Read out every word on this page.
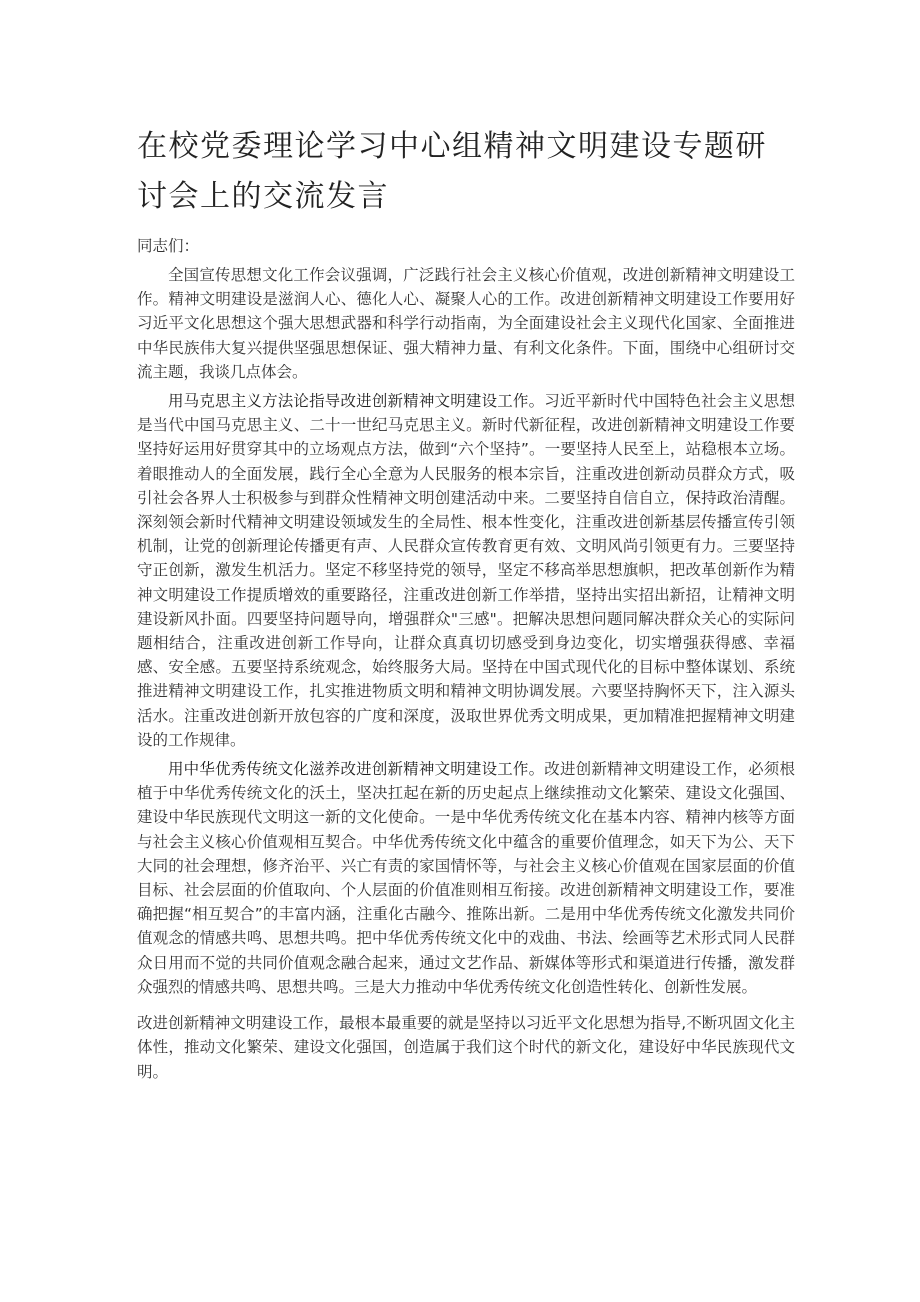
在校党委理论学习中心组精神文明建设专题研讨会上的交流发言

同志们：

全国宣传思想文化工作会议强调，广泛践行社会主义核心价值观，改进创新精神文明建设工作。精神文明建设是滋润人心、德化人心、凝聚人心的工作。改进创新精神文明建设工作要用好习近平文化思想这个强大思想武器和科学行动指南，为全面建设社会主义现代化国家、全面推进中华民族伟大复兴提供坚强思想保证、强大精神力量、有利文化条件。下面，围绕中心组研讨交流主题，我谈几点体会。

用马克思主义方法论指导改进创新精神文明建设工作。习近平新时代中国特色社会主义思想是当代中国马克思主义、二十一世纪马克思主义。新时代新征程，改进创新精神文明建设工作要坚持好运用好贯穿其中的立场观点方法，做到“六个坚持”。一要坚持人民至上，站稳根本立场。着眼推动人的全面发展，践行全心全意为人民服务的根本宗旨，注重改进创新动员群众方式，吸引社会各界人士积极参与到群众性精神文明创建活动中来。二要坚持自信自立，保持政治清醒。深刻领会新时代精神文明建设领域发生的全局性、根本性变化，注重改进创新基层传播宣传引领机制，让党的创新理论传播更有声、人民群众宣传教育更有效、文明风尚引领更有力。三要坚持守正创新，激发生机活力。坚定不移坚持党的领导，坚定不移高举思想旗帜，把改革创新作为精神文明建设工作提质增效的重要路径，注重改进创新工作举措，坚持出实招出新招，让精神文明建设新风扑面。四要坚持问题导向，增强群众"三感"。把解决思想问题同解决群众关心的实际问题相结合，注重改进创新工作导向，让群众真真切切感受到身边变化，切实增强获得感、幸福感、安全感。五要坚持系统观念，始终服务大局。坚持在中国式现代化的目标中整体谋划、系统推进精神文明建设工作，扎实推进物质文明和精神文明协调发展。六要坚持胸怀天下，注入源头活水。注重改进创新开放包容的广度和深度，汲取世界优秀文明成果，更加精准把握精神文明建设的工作规律。

用中华优秀传统文化滋养改进创新精神文明建设工作。改进创新精神文明建设工作，必须根植于中华优秀传统文化的沃土，坚决扛起在新的历史起点上继续推动文化繁荣、建设文化强国、建设中华民族现代文明这一新的文化使命。一是中华优秀传统文化在基本内容、精神内核等方面与社会主义核心价值观相互契合。中华优秀传统文化中蕴含的重要价值理念，如天下为公、天下大同的社会理想，修齐治平、兴亡有责的家国情怀等，与社会主义核心价值观在国家层面的价值目标、社会层面的价值取向、个人层面的价值准则相互衔接。改进创新精神文明建设工作，要准确把握“相互契合”的丰富内涵，注重化古融今、推陈出新。二是用中华优秀传统文化激发共同价值观念的情感共鸣、思想共鸣。把中华优秀传统文化中的戏曲、书法、绘画等艺术形式同人民群众日用而不觉的共同价值观念融合起来，通过文艺作品、新媒体等形式和渠道进行传播，激发群众强烈的情感共鸣、思想共鸣。三是大力推动中华优秀传统文化创造性转化、创新性发展。

改进创新精神文明建设工作，最根本最重要的就是坚持以习近平文化思想为指导,不断巩固文化主体性，推动文化繁荣、建设文化强国，创造属于我们这个时代的新文化，建设好中华民族现代文明。
